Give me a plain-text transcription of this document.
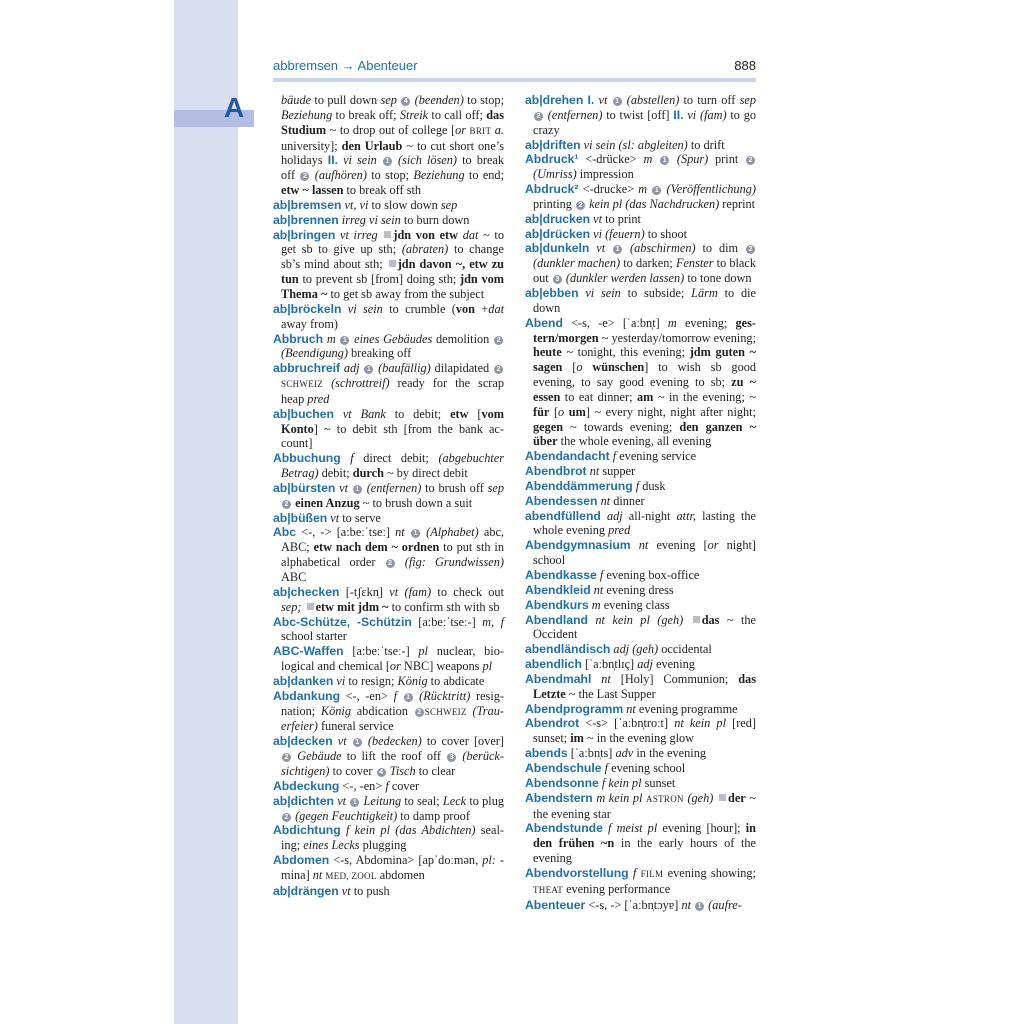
A
abbremsen → Abenteuer	888
bäude to pull down sep 4 (beenden) to stop; Beziehung to break off; Streik to call off; das Studium ~ to drop out of college [or BRIT a. university]; den Urlaub ~ to cut short one’s holidays II. vi sein 1 (sich lösen) to break off 2 (aufhören) to stop; Beziehung to end; etw ~ lassen to break off sth
ab|bremsen vt, vi to slow down sep
ab|brennen irreg vi sein to burn down
ab|bringen vt irreg jdn von etw dat ~ to get sb to give up sth; (abraten) to change sb’s mind about sth; jdn davon ~, etw zu tun to prevent sb [from] doing sth; jdn vom Thema ~ to get sb away from the subject
ab|bröckeln vi sein to crumble (von +dat away from)
Abbruch m 1 eines Gebäudes demolition 2 (Beendigung) breaking off
abbruchreif adj 1 (baufällig) dilapidated 2SCHWEIZ (schrottreif) ready for the scrap heap pred
ab|buchen vt Bank to debit; etw [vom Konto] ~ to debit sth [from the bank account]
Abbuchung f direct debit; (abgebuchter Betrag) debit; durch ~ by direct debit
ab|bürsten vt 1 (entfernen) to brush off sep 2 einen Anzug ~ to brush down a suit
ab|büßen vt to serve
Abc <-, -> [a:beːˈtseː] nt 1 (Alphabet) abc, ABC; etw nach dem ~ ordnen to put sth in alphabetical order 2 (fig: Grundwissen) ABC
ab|checken [-tʃɛkn̩] vt (fam) to check out sep; etw mit jdm ~ to confirm sth with sb
Abc-Schütze, -Schützin [a:beːˈtseː-] m, f school starter
ABC-Waffen [a:beːˈtseː-] pl nuclear, biological and chemical [or NBC] weapons pl
ab|danken vi to resign; König to abdicate
Abdankung <-, -en> f 1 (Rücktritt) resignation; König abdication 2 SCHWEIZ (Trauerfeier) funeral service
ab|decken vt 1 (bedecken) to cover [over] 2 Gebäude to lift the roof off 3 (berücksichtigen) to cover 4 Tisch to clear
Abdeckung <-, -en> f cover
ab|dichten vt 1 Leitung to seal; Leck to plug 2 (gegen Feuchtigkeit) to damp proof
Abdichtung f kein pl (das Abdichten) sealing; eines Lecks plugging
Abdomen <-s, Abdomina> [apˈdoːmən, pl: -mina] nt MED, ZOOL abdomen
ab|drängen vt to push
ab|drehen I. vt 1 (abstellen) to turn off sep 2 (entfernen) to twist [off] II. vi (fam) to go crazy
ab|driften vi sein (sl: abgleiten) to drift
Abdruck¹ <-drücke> m 1 (Spur) print 2 (Umriss) impression
Abdruck² <-drucke> m 1 (Veröffentlichung) printing 2 kein pl (das Nachdrucken) reprint
ab|drucken vt to print
ab|drücken vi (feuern) to shoot
ab|dunkeln vt 1 (abschirmen) to dim 2 (dunkler machen) to darken; Fenster to black out 3 (dunkler werden lassen) to tone down
ab|ebben vi sein to subside; Lärm to die down
Abend <-s, -e> [ˈaːbn̩t] m evening; gestern/morgen ~ yesterday/tomorrow evening; heute ~ tonight, this evening; jdm guten ~ sagen [o wünschen] to wish sb good evening, to say good evening to sb; zu ~ essen to eat dinner; am ~ in the evening; ~ für [o um] ~ every night, night after night; gegen ~ towards evening; den ganzen ~ über the whole evening, all evening
Abendandacht f evening service
Abendbrot nt supper
Abenddämmerung f dusk
Abendessen nt dinner
abendfüllend adj all-night attr, lasting the whole evening pred
Abendgymnasium nt evening [or night] school
Abendkasse f evening box-office
Abendkleid nt evening dress
Abendkurs m evening class
Abendland nt kein pl (geh) das ~ the Occident
abendländisch adj (geh) occidental
abendlich [ˈaːbn̩tlɪç] adj evening
Abendmahl nt [Holy] Communion; das Letzte ~ the Last Supper
Abendprogramm nt evening programme
Abendrot <-s> [ˈaːbn̩troːt] nt kein pl [red] sunset; im ~ in the evening glow
abends [ˈaːbn̩ts] adv in the evening
Abendschule f evening school
Abendsonne f kein pl sunset
Abendstern m kein pl ASTRON (geh) der ~ the evening star
Abendstunde f meist pl evening [hour]; in den frühen ~n in the early hours of the evening
Abendvorstellung f FILM evening showing; THEAT evening performance
Abenteuer <-s, -> [ˈaːbn̩tɔyɐ] nt 1 (aufre-
